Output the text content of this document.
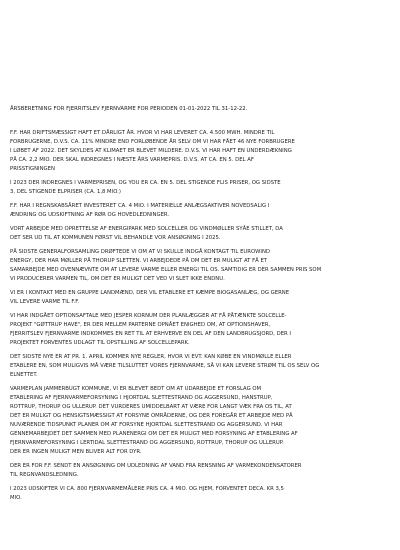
ÅRSBERETNING FOR FJERRITSLEV FJERNVARME FOR PERIODEN 01-01-2022 TIL 31-12-22.
F.F. HAR DRIFTSMÆSSIGT HAFT ET DÅRLIGT ÅR. HVOR VI HAR LEVERET CA. 4.500 MWH. MINDRE TIL
FORBRUGERNE, D.V.S. CA. 11% MINDRE END FORLØBENDE ÅR SELV OM VI HAR FÅET 46 NYE FORBRUGERE
I LØBET AF 2022. DET SKYLDES AT KLIMAET ER BLEVET MILDERE. D.V.S. VI HAR HAFT EN UNDERDÆKNING
PÅ CA. 2,2 MIO. DER SKAL INDREGNES I NÆSTE ÅRS VARMEPRIS. D.V.S. AT CA. EN 5. DEL AF
PRISSTIGNINGEN
I 2023 DER INDREGNES I VARMEPRISEN, OG YOU ER CA. EN 5. DEL STIGENDE FLIS PRISER, OG SIDSTE
3. DEL STIGENDE ELPRISER (CA. 1,8 MIO.)
F.F. HAR I REGNSKABSÅRET INVESTERET CA. 4 MIO. I MATERIELLE ANLÆGSAKTIVER NOVEDSALIG I
ÆNDRING OG UDSKIFTNING AF RØR OG HOVEDLEDNINGER.
VORT ARBEJDE MED OPRETTELSE AF ENERGIPARK MED SOLCELLER OG VINDMØLLER SYÅE STILLET, DA
DET SER UD TIL AT KOMMUNEN FØRST VIL BEHANDLE VOR ANSØGNING I 2025.
PÅ SIDSTE GENERALFORSAMLING DRØFTEDE VI OM AT VI SKULLE INDGÅ KONTAGT TIL EUROWIND
ENERGY, DER HAR MØLLER PÅ THORUP SLETTEN. VI ARBEJDEDE PÅ OM DET ER MULIGT AT FÅ ET
SAMARBEJDE MED OVENNÆVNTE OM AT LEVERE VARME ELLER ENERGI TIL OS. SAMTIDIG ER DER SAMMEN PRIS SOM
VI PRODUCERER VARMEN TIL, OM DET ER MULIGT DET VED VI SLET IKKE ENDNU.
VI ER I KONTAKT MED EN GRUPPE LANDMÆND, DER VIL ETABLERE ET KÆMPE BIOGASANLÆG, OG GERNE
VIL LEVERE VARME TIL F.F.
VI HAR INDGÅET OPTIONSAFTALE MED JESPER KORNUM DER PLANLÆGGER AT FÅ PÅTÆNKTE SOLCELLE-
PROJEKT "GØTTRUP HAVE", ER DER MELLEM PARTERNE OPNÅET ENIGHED OM, AT OPTIONSHAVER,
FJERRITSLEV FJERNVARME INDKOMMES EN RET TIL AT ERHVERVE EN DEL AF DEN LANDBRUGSJORD, DER I
PROJEKTET FORVENTES UDLAGT TIL OPSTILLING AF SOLCELLEPARK.
DET SIDSTE NYE ER AT PR. 1. APRIL KOMMER NYE REGLER, HVOR VI EVT. KAN KØBE EN VINDMØLLE ELLER
ETABLERE EN, SOM MULIGVIS MÅ VÆRE TILSLUTTET VORES FJERNVARME, SÅ VI KAN LEVERE STRØM TIL OS SELV OG
ELNETTET.
VARMEPLAN JAMMERBUGT KOMMUNE, VI ER BLEVET BEDT OM AT UDARBEJDE ET FORSLAG OM
ETABLERING AF FJERNVARMEFORSYNING I HJORTDAL SLETTESTRAND OG AGGERSUND, HANSTRUP,
ROTTRUP, THORUP OG ULLERUP. DET VURDERES UMIDDELBART AT VÆRE FOR LANGT VÆK FRA OS TIL, AT
DET ER MULIGT OG HENSIGTSMÆSSIGT AT FORSYNE OMRÅDERNE, OG DER FOREGÅR ET ARBEJDE MED PÅ
NUVÆRENDE TIDSPUNKT PLANER OM AT FORSYNE HJORTDAL SLETTESTRAND OG AGGERSUND. VI HAR
GENNEMARBEJDET DET SAMMEN MED PLANENERGI OM DET ER MULIGT MED FORSYNING AF ETABLERING AF
FJERNVARMEFORSYNING I LERTIDAL SLETTESTRAND OG AGGERSUND, ROTTRUP, THORUP OG ULLERUP.
DER ER INGEN MULIGT MEN BLIVER ALT FOR DYR.
DER ER FOR F.F. SENDT EN ANSØGNING OM UDLEDNING AF VAND FRA RENSNING AF VARMEKONDENSATORER
TIL REGNVANDSLEDNING.
I 2023 UDSKIFTER VI CA. 800 FJERNVARMEMÅLERE PRIS CA. 4 MIO. OG HJEM, FORVENTET DECA. KR 3,5
MIO.
